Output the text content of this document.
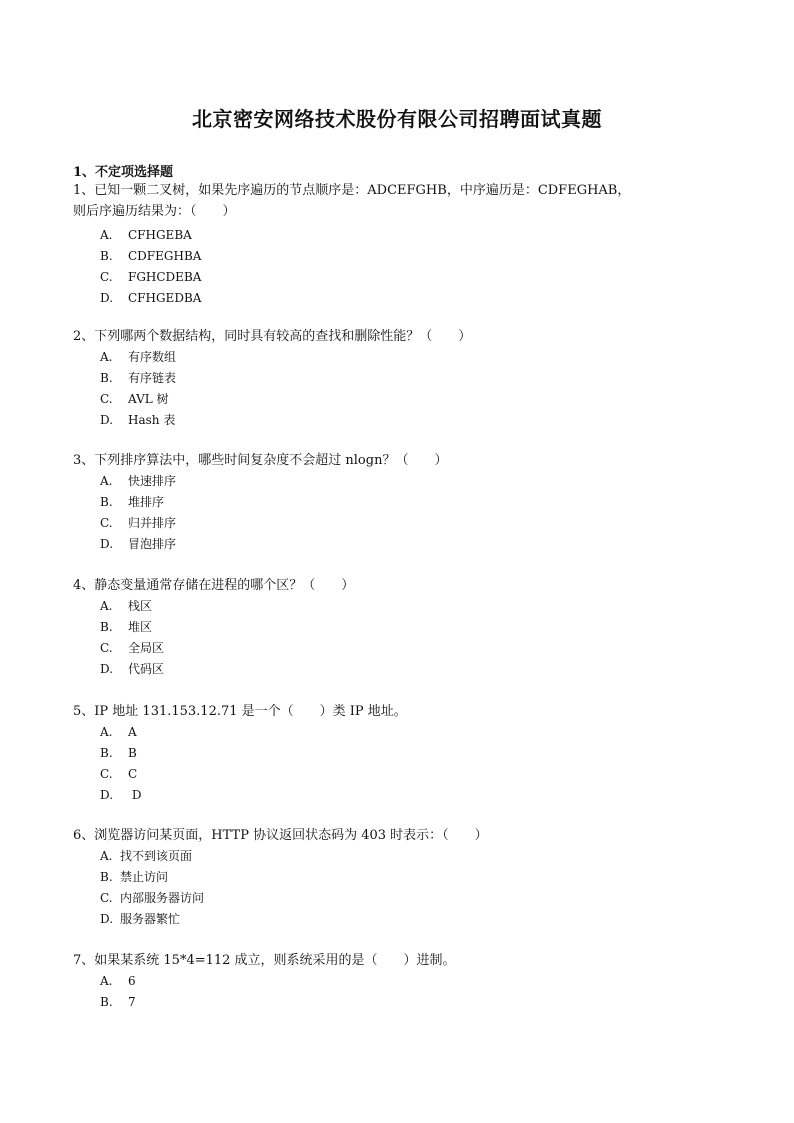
北京密安网络技术股份有限公司招聘面试真题
1、不定项选择题
1、已知一颗二叉树，如果先序遍历的节点顺序是：ADCEFGHB，中序遍历是：CDFEGHAB，则后序遍历结果为：（　　）
A. CFHGEBA
B. CDFEGHBA
C. FGHCDEBA
D. CFHGEDBA
2、下列哪两个数据结构，同时具有较高的查找和删除性能？（　　）
A. 有序数组
B. 有序链表
C. AVL 树
D. Hash 表
3、下列排序算法中，哪些时间复杂度不会超过 nlogn？（　　）
A. 快速排序
B. 堆排序
C. 归并排序
D. 冒泡排序
4、静态变量通常存储在进程的哪个区？（　　）
A. 栈区
B. 堆区
C. 全局区
D. 代码区
5、IP 地址 131.153.12.71 是一个（　　）类 IP 地址。
A. A
B. B
C. C
D. D
6、浏览器访问某页面，HTTP 协议返回状态码为 403 时表示：（　　）
A. 找不到该页面
B. 禁止访问
C. 内部服务器访问
D. 服务器繁忙
7、如果某系统 15*4=112 成立，则系统采用的是（　　）进制。
A. 6
B. 7
